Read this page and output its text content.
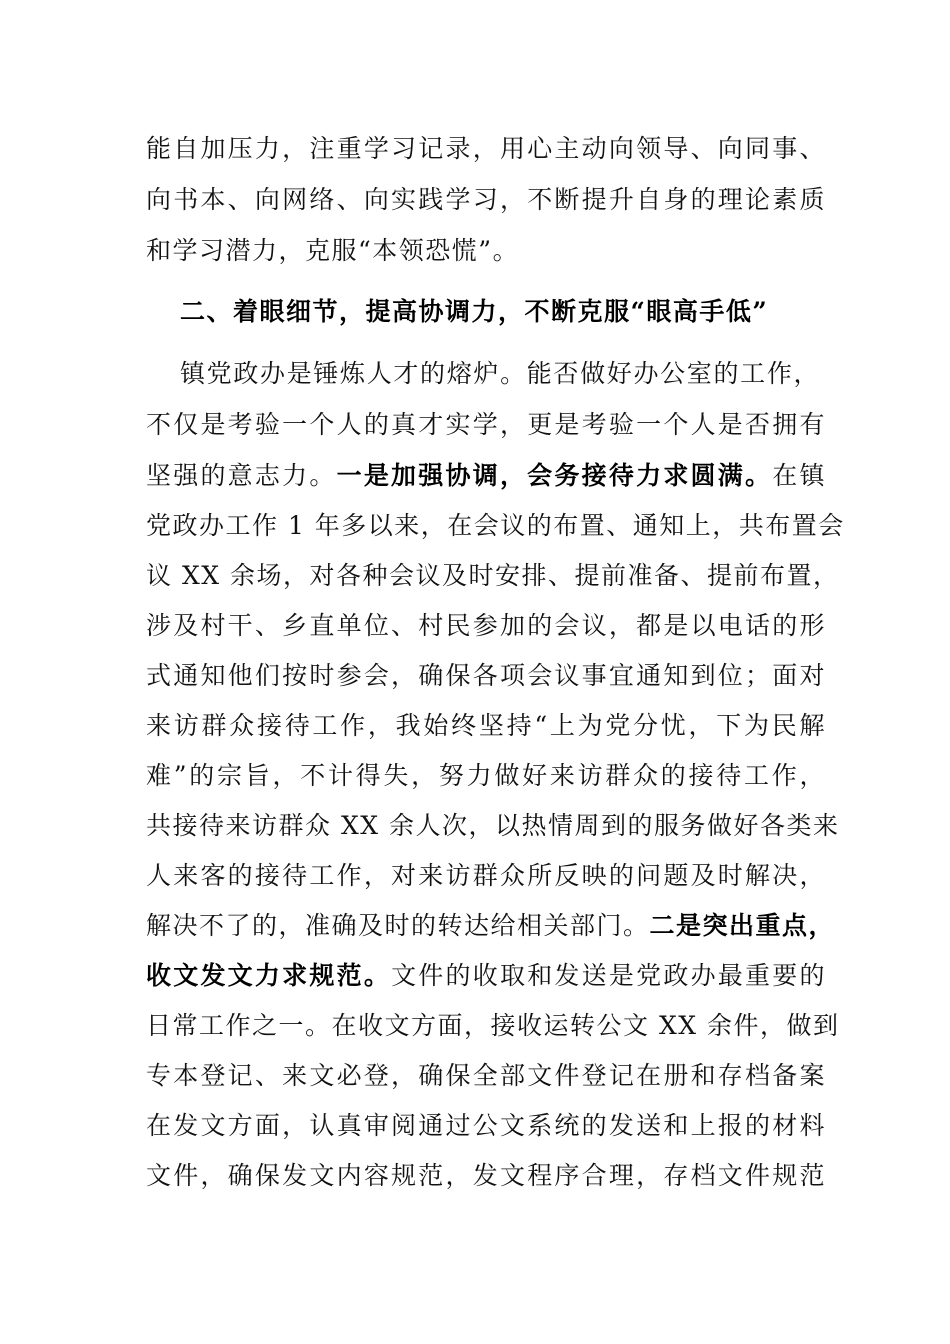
能自加压力，注重学习记录，用心主动向领导、向同事、
向书本、向网络、向实践学习，不断提升自身的理论素质
和学习潜力，克服“本领恐慌”。
二、着眼细节，提高协调力，不断克服“眼高手低”
镇党政办是锤炼人才的熔炉。能否做好办公室的工作，
不仅是考验一个人的真才实学，更是考验一个人是否拥有
坚强的意志力。一是加强协调，会务接待力求圆满。在镇
党政办工作 1 年多以来，在会议的布置、通知上，共布置会
议 XX 余场，对各种会议及时安排、提前准备、提前布置，
涉及村干、乡直单位、村民参加的会议，都是以电话的形
式通知他们按时参会，确保各项会议事宜通知到位；面对
来访群众接待工作，我始终坚持“上为党分忧，下为民解
难”的宗旨，不计得失，努力做好来访群众的接待工作，
共接待来访群众 XX 余人次，以热情周到的服务做好各类来
人来客的接待工作，对来访群众所反映的问题及时解决，
解决不了的，准确及时的转达给相关部门。二是突出重点，
收文发文力求规范。文件的收取和发送是党政办最重要的
日常工作之一。在收文方面，接收运转公文 XX 余件，做到
专本登记、来文必登，确保全部文件登记在册和存档备案
在发文方面，认真审阅通过公文系统的发送和上报的材料
文件，确保发文内容规范，发文程序合理，存档文件规范
